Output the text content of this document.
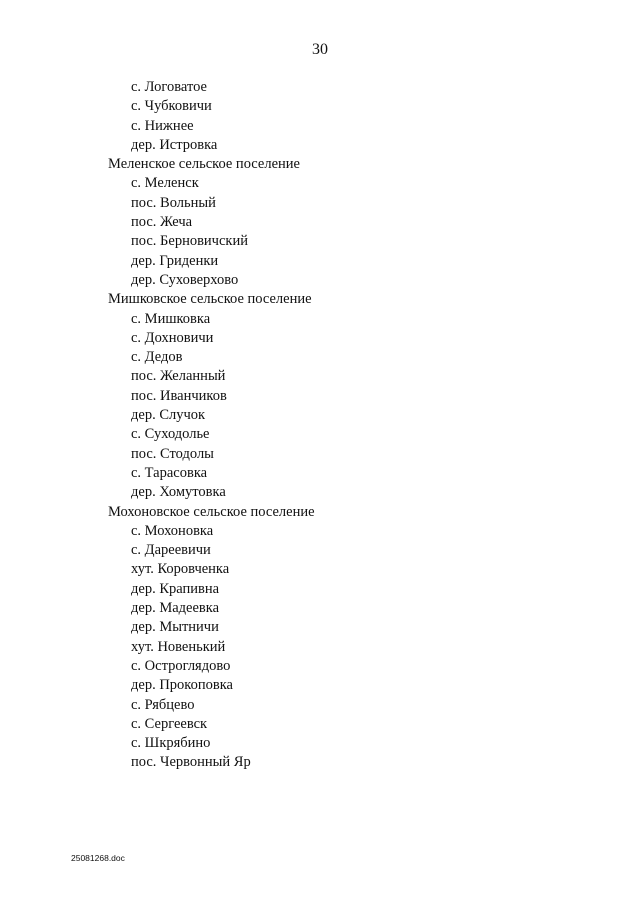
30
с. Логоватое
с. Чубковичи
с. Нижнее
дер. Истровка
Меленское сельское поселение
с. Меленск
пос. Вольный
пос. Жеча
пос. Берновичский
дер. Гриденки
дер. Суховерхово
Мишковское сельское поселение
с. Мишковка
с. Дохновичи
с. Дедов
пос. Желанный
пос. Иванчиков
дер. Случок
с. Суходолье
пос. Стодолы
с. Тарасовка
дер. Хомутовка
Мохоновское сельское поселение
с. Мохоновка
с. Дареевичи
хут. Коровченка
дер. Крапивна
дер. Мадеевка
дер. Мытничи
хут. Новенький
с. Остроглядово
дер. Прокоповка
с. Рябцево
с. Сергеевск
с. Шкрябино
пос. Червонный Яр
25081268.doc
